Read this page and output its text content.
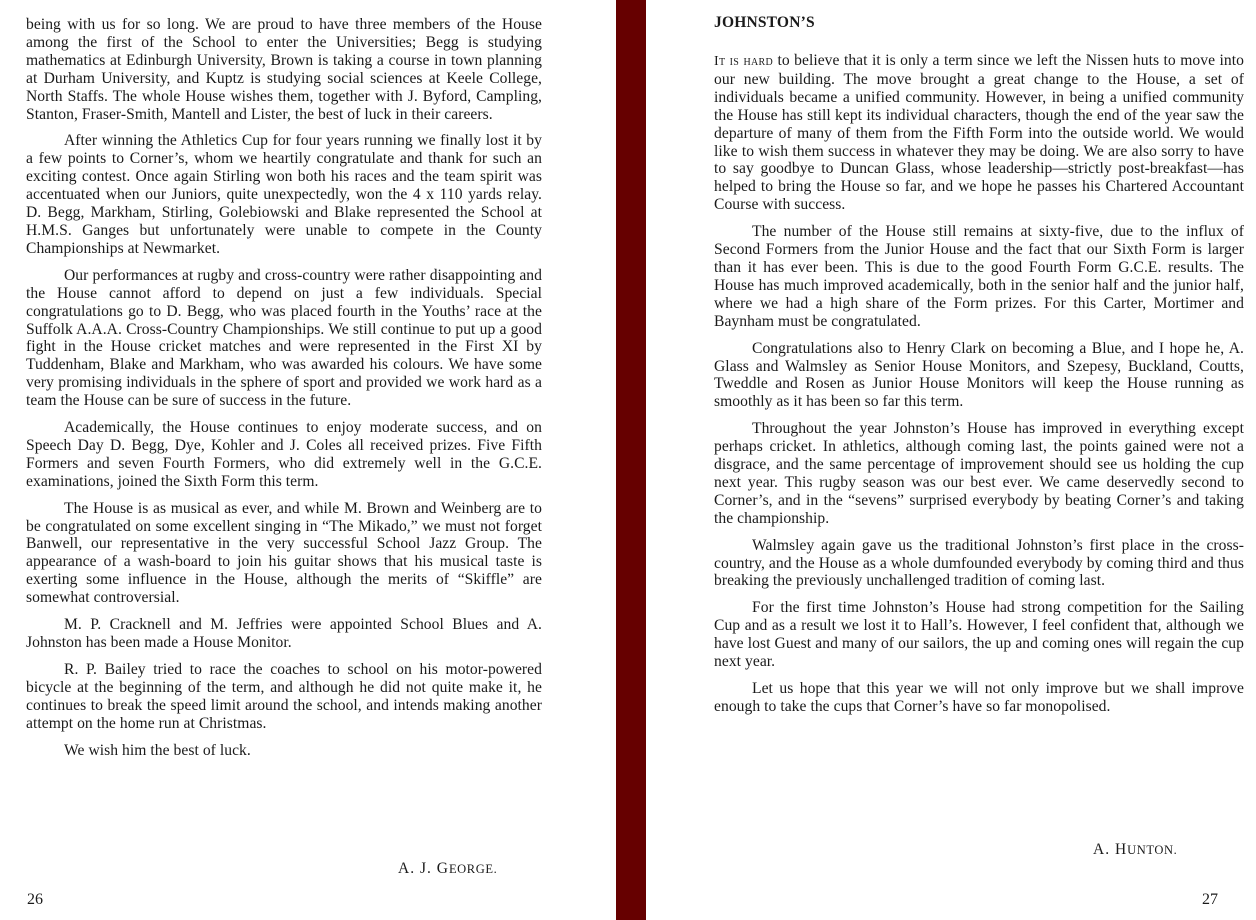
being with us for so long. We are proud to have three members of the House among the first of the School to enter the Universities; Begg is studying mathematics at Edinburgh University, Brown is taking a course in town planning at Durham University, and Kuptz is studying social sciences at Keele College, North Staffs. The whole House wishes them, together with J. Byford, Campling, Stanton, Fraser-Smith, Mantell and Lister, the best of luck in their careers.

After winning the Athletics Cup for four years running we finally lost it by a few points to Corner’s, whom we heartily congratulate and thank for such an exciting contest. Once again Stirling won both his races and the team spirit was accentuated when our Juniors, quite unexpectedly, won the 4 x 110 yards relay. D. Begg, Markham, Stirling, Golebiowski and Blake represented the School at H.M.S. Ganges but unfortunately were unable to compete in the County Championships at Newmarket.

Our performances at rugby and cross-country were rather disappointing and the House cannot afford to depend on just a few individuals. Special congratulations go to D. Begg, who was placed fourth in the Youths’ race at the Suffolk A.A.A. Cross-Country Championships. We still continue to put up a good fight in the House cricket matches and were represented in the First XI by Tuddenham, Blake and Markham, who was awarded his colours. We have some very promising individuals in the sphere of sport and provided we work hard as a team the House can be sure of success in the future.

Academically, the House continues to enjoy moderate success, and on Speech Day D. Begg, Dye, Kohler and J. Coles all received prizes. Five Fifth Formers and seven Fourth Formers, who did extremely well in the G.C.E. examinations, joined the Sixth Form this term.

The House is as musical as ever, and while M. Brown and Weinberg are to be congratulated on some excellent singing in “The Mikado,” we must not forget Banwell, our representative in the very successful School Jazz Group. The appearance of a wash-board to join his guitar shows that his musical taste is exerting some influence in the House, although the merits of “Skiffle” are somewhat controversial.

M. P. Cracknell and M. Jeffries were appointed School Blues and A. Johnston has been made a House Monitor.

R. P. Bailey tried to race the coaches to school on his motor-powered bicycle at the beginning of the term, and although he did not quite make it, he continues to break the speed limit around the school, and intends making another attempt on the home run at Christmas.

We wish him the best of luck.

A. J. GEORGE.
26
JOHNSTON’S

It is hard to believe that it is only a term since we left the Nissen huts to move into our new building. The move brought a great change to the House, a set of individuals became a unified community. However, in being a unified community the House has still kept its individual characters, though the end of the year saw the departure of many of them from the Fifth Form into the outside world. We would like to wish them success in whatever they may be doing. We are also sorry to have to say goodbye to Duncan Glass, whose leadership—strictly post-breakfast—has helped to bring the House so far, and we hope he passes his Chartered Accountant Course with success.

The number of the House still remains at sixty-five, due to the influx of Second Formers from the Junior House and the fact that our Sixth Form is larger than it has ever been. This is due to the good Fourth Form G.C.E. results. The House has much improved academically, both in the senior half and the junior half, where we had a high share of the Form prizes. For this Carter, Mortimer and Baynham must be congratulated.

Congratulations also to Henry Clark on becoming a Blue, and I hope he, A. Glass and Walmsley as Senior House Monitors, and Szepesy, Buckland, Coutts, Tweddle and Rosen as Junior House Monitors will keep the House running as smoothly as it has been so far this term.

Throughout the year Johnston’s House has improved in everything except perhaps cricket. In athletics, although coming last, the points gained were not a disgrace, and the same percentage of improvement should see us holding the cup next year. This rugby season was our best ever. We came deservedly second to Corner’s, and in the “sevens” surprised everybody by beating Corner’s and taking the championship.

Walmsley again gave us the traditional Johnston’s first place in the cross-country, and the House as a whole dumfounded everybody by coming third and thus breaking the previously unchallenged tradition of coming last.

For the first time Johnston’s House had strong competition for the Sailing Cup and as a result we lost it to Hall’s. However, I feel confident that, although we have lost Guest and many of our sailors, the up and coming ones will regain the cup next year.

Let us hope that this year we will not only improve but we shall improve enough to take the cups that Corner’s have so far monopolised.

A. HUNTON.
27
